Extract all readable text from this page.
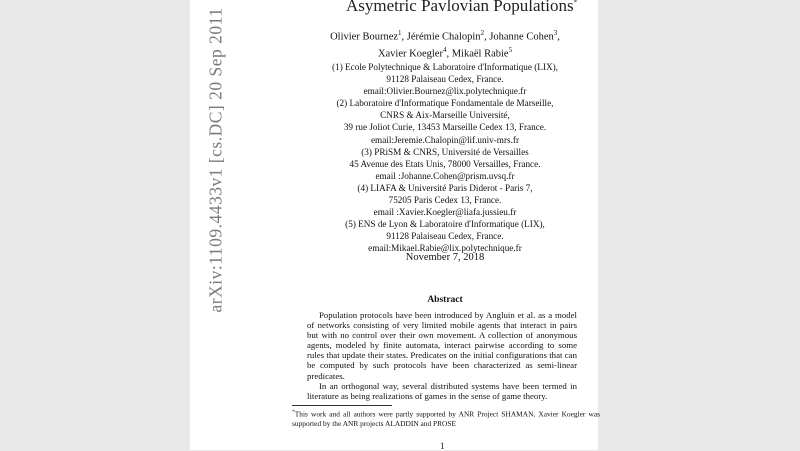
arXiv:1109.4433v1 [cs.DC] 20 Sep 2011
Asymetric Pavlovian Populations*
Olivier Bournez$^1$, Jérémie Chalopin$^2$, Johanne Cohen$^3$,
Xavier Koegler$^4$, Mikaël Rabie$^5$
(1) Ecole Polytechnique & Laboratoire d'Informatique (LIX),
91128 Palaiseau Cedex, France.
email:Olivier.Bournez@lix.polytechnique.fr
(2) Laboratoire d'Informatique Fondamentale de Marseille,
CNRS & Aix-Marseille Université,
39 rue Joliot Curie, 13453 Marseille Cedex 13, France.
email:Jeremie.Chalopin@lif.univ-mrs.fr
(3) PRiSM & CNRS, Université de Versailles
45 Avenue des Etats Unis, 78000 Versailles, France.
email :Johanne.Cohen@prism.uvsq.fr
(4) LIAFA & Université Paris Diderot - Paris 7,
75205 Paris Cedex 13, France.
email :Xavier.Koegler@liafa.jussieu.fr
(5) ENS de Lyon & Laboratoire d'Informatique (LIX),
91128 Palaiseau Cedex, France.
email:Mikael.Rabie@lix.polytechnique.fr
November 7, 2018
Abstract

Population protocols have been introduced by Angluin et al. as a model of networks consisting of very limited mobile agents that interact in pairs but with no control over their own movement. A collection of anonymous agents, modeled by finite automata, interact pairwise according to some rules that update their states. Predicates on the initial configurations that can be computed by such protocols have been characterized as semi-linear predicates.

In an orthogonal way, several distributed systems have been termed in literature as being realizations of games in the sense of game theory.

*This work and all authors were partly supported by ANR Project SHAMAN, Xavier Koegler was supported by the ANR projects ALADDIN and PROSE
1
